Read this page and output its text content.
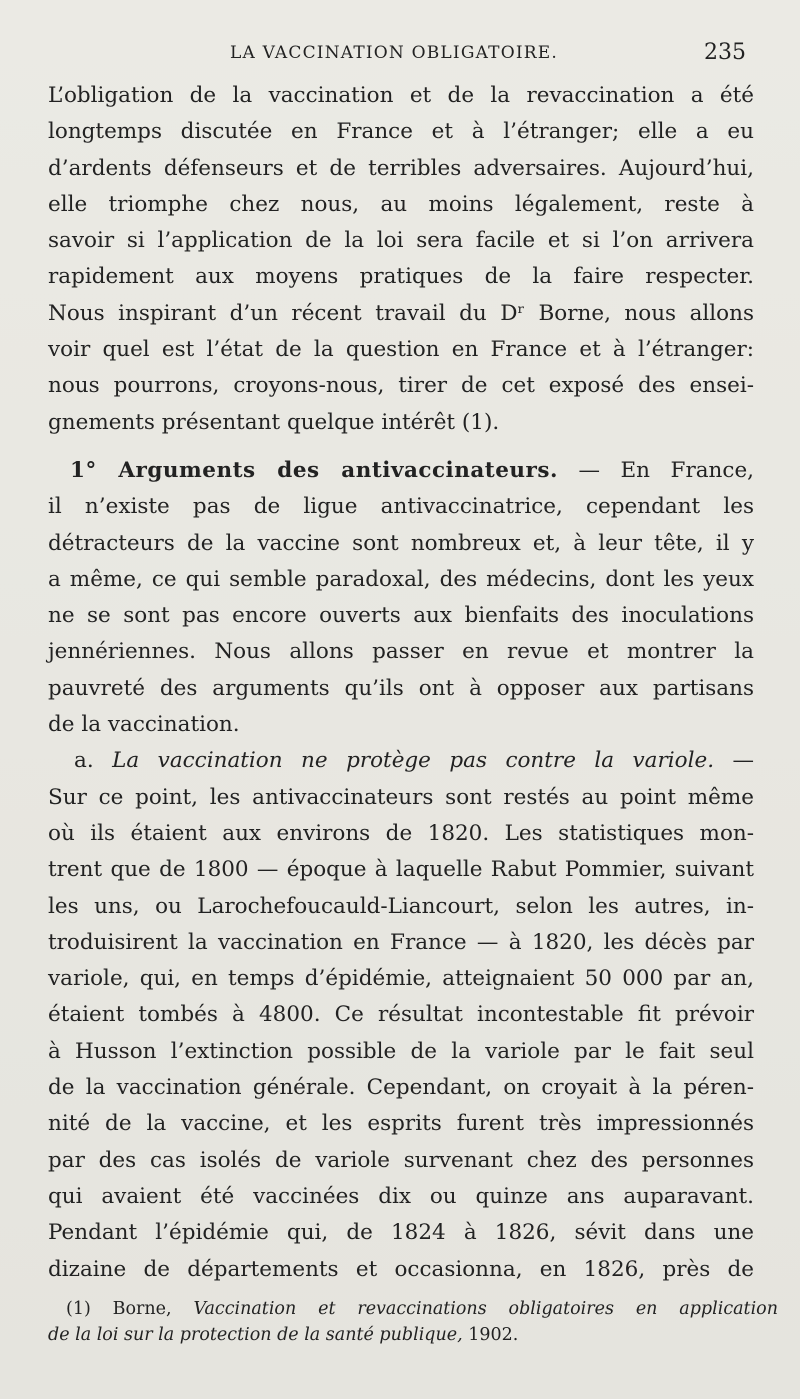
LA VACCINATION OBLIGATOIRE.	235
L’obligation de la vaccination et de la revaccination a été
longtemps discutée en France et à l’étranger; elle a eu
d’ardents défenseurs et de terribles adversaires. Aujourd’hui,
elle triomphe chez nous, au moins légalement, reste à
savoir si l’application de la loi sera facile et si l’on arrivera
rapidement aux moyens pratiques de la faire respecter.
Nous inspirant d’un récent travail du Dʳ Borne, nous allons
voir quel est l’état de la question en France et à l’étranger:
nous pourrons, croyons-nous, tirer de cet exposé des ensei-
gnements présentant quelque intérêt (1).
1° Arguments des antivaccinateurs. — En France,
il n’existe pas de ligue antivaccinatrice, cependant les
détracteurs de la vaccine sont nombreux et, à leur tête, il y
a même, ce qui semble paradoxal, des médecins, dont les yeux
ne se sont pas encore ouverts aux bienfaits des inoculations
jennériennes. Nous allons passer en revue et montrer la
pauvreté des arguments qu’ils ont à opposer aux partisans
de la vaccination.
a. La vaccination ne protège pas contre la variole. —
Sur ce point, les antivaccinateurs sont restés au point même
où ils étaient aux environs de 1820. Les statistiques mon-
trent que de 1800 — époque à laquelle Rabut Pommier, suivant
les uns, ou Larochefoucauld-Liancourt, selon les autres, in-
troduisirent la vaccination en France — à 1820, les décès par
variole, qui, en temps d’épidémie, atteignaient 50 000 par an,
étaient tombés à 4800. Ce résultat incontestable fit prévoir
à Husson l’extinction possible de la variole par le fait seul
de la vaccination générale. Cependant, on croyait à la péren-
nité de la vaccine, et les esprits furent très impressionnés
par des cas isolés de variole survenant chez des personnes
qui avaient été vaccinées dix ou quinze ans auparavant.
Pendant l’épidémie qui, de 1824 à 1826, sévit dans une
dizaine de départements et occasionna, en 1826, près de
(1) Borne, Vaccination et revaccinations obligatoires en application
de la loi sur la protection de la santé publique, 1902.
